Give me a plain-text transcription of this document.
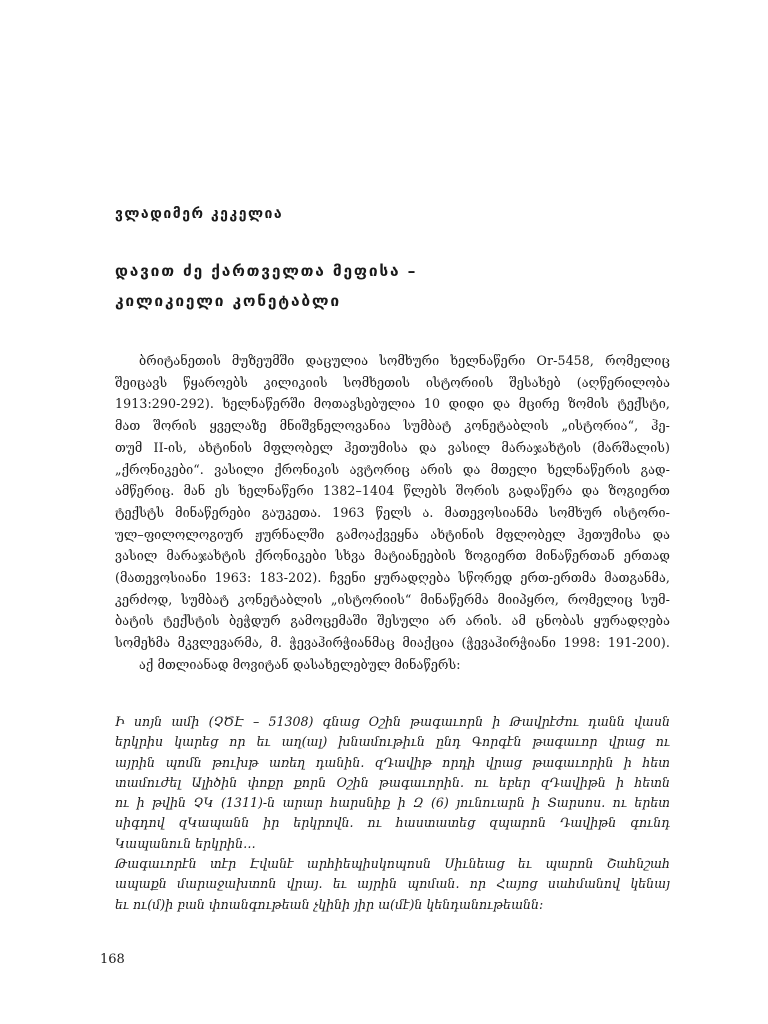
ვლადიმერ კეკელია

დავით ძე ქართველთა მეფისა –
კილიკიელი კონეტაბლი
ბრიტანეთის მუზეუმში დაცულია სომხური ხელნაწერი Or-5458, რომელიც
შეიცავს წყაროებს კილიკიის სომხეთის ისტორიის შესახებ (აღწერილობა
1913:290-292). ხელნაწერში მოთავსებულია 10 დიდი და მცირე ზომის ტექსტი,
მათ შორის ყველაზე მნიშვნელოვანია სუმბატ კონეტაბლის „ისტორია“, ჰე-
თუმ II-ის, ახტინის მფლობელ ჰეთუმისა და ვასილ მარაჯახტის (მარშალის)
„ქრონიკები“. ვასილი ქრონიკის ავტორიც არის და მთელი ხელნაწერის გად-
ამწერიც. მან ეს ხელნაწერი 1382–1404 წლებს შორის გადაწერა და ზოგიერთ
ტექსტს მინაწერები გაუკეთა. 1963 წელს ა. მათევოსიანმა სომხურ ისტორი-
ულ–ფილოლოგიურ ჟურნალში გამოაქვეყნა ახტინის მფლობელ ჰეთუმისა და
ვასილ მარაჯახტის ქრონიკები სხვა მატიანეების ზოგიერთ მინაწერთან ერთად
(მათევოსიანი 1963: 183-202). ჩვენი ყურადღება სწორედ ერთ-ერთმა მათგანმა,
კერძოდ, სუმბატ კონეტაბლის „ისტორიის“ მინაწერმა მიიპყრო, რომელიც სუმ-
ბატის ტექსტის ბეჭდურ გამოცემაში შესული არ არის. ამ ცნობას ყურადღება
სომეხმა მკვლევარმა, მ. ჭევაჰირჭიანმაც მიაქცია (ჭევაჰირჭიანი 1998: 191-200).
აქ მთლიანად მოვიტან დასახელებულ მინაწერს:
Ի սոյն ամի (ՉԾԷ – 51308) գնաց Օշին թագաւորն ի Թավրէժու դանն վասն
երկրիս կարեց որ եւ աղ(ալ) խնամութիւն ընդ Գորգէն թագաւոր վրաց ու
այրին պոմն թուխթ առեղ դանին. զԴավիթ որդի վրաց թագաւորին ի հետ
տամուժել Ալիծին փոքր քորն Օշին թագաւորին. ու եբեր զԴավիթն ի հետն
ու ի թվին ՉԿ (1311)-ն արար հարսնիք ի Զ (6) յունուարն ի Տարսոս. ու երետ
սիգդով զԿապանն իր երկրովն. ու հաստատեց զպարոն Դավիթն գունդ
Կապանուն երկրին…
Թագաւորէն տէր Էվանէ արհիեպիսկոպոսն Սիւնեաց եւ պարոն Շահնշահ
ապաքն մարաջախտոն վրայ. եւ այրին պոման. որ Հայոց սահմանով կենայ
եւ ու(մ)ի բան փոանգութեան չկինի յիր ա(մէ)ն կենդանութեանն:

168
